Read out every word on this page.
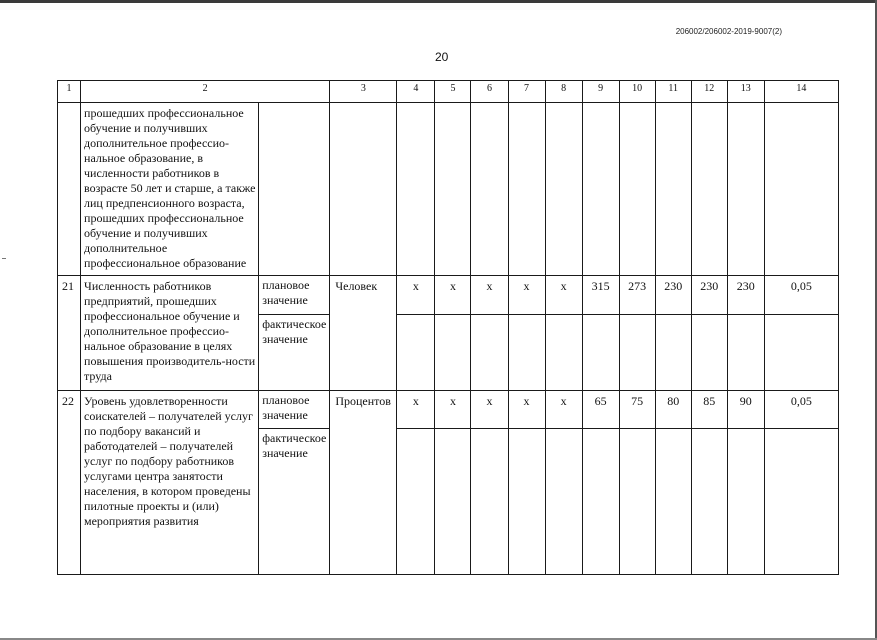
206002/206002-2019-9007(2)
20
1	2		3	4	5	6	7	8	9	10	11	12	13	14
	прошедших профессиональное обучение и получивших дополнительное профессио-нальное образование, в численности работников в возрасте 50 лет и старше, а также лиц предпенсионного возраста, прошедших профессиональное обучение и получивших дополнительное профессиональное образование													
21	Численность работников предприятий, прошедших профессиональное обучение и дополнительное профессио-нальное образование в целях повышения производитель-ности труда	плановое значение	Человек	х	х	х	х	х	315	273	230	230	230	0,05
		фактическое значение												
22	Уровень удовлетворенности соискателей – получателей услуг по подбору вакансий и работодателей – получателей услуг по подбору работников услугами центра занятости населения, в котором проведены пилотные проекты и (или) мероприятия развития	плановое значение	Процентов	х	х	х	х	х	65	75	80	85	90	0,05
		фактическое значение												
